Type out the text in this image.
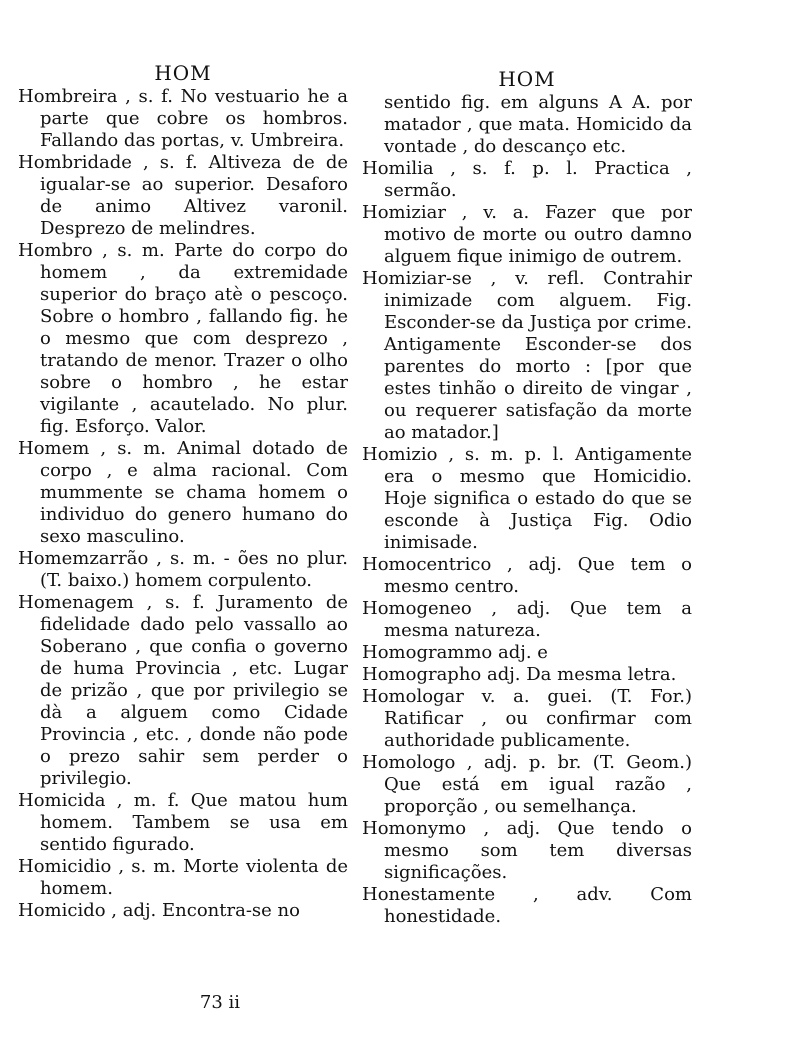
HOM

Hombreira , s. f. No vestuario he a parte que cobre os hombros. Fallando das portas, v. Umbreira.

Hombridade , s. f. Altiveza de de igualar-se ao superior. Desaforo de animo Altivez varonil. Desprezo de melindres.

Hombro , s. m. Parte do corpo do homem , da extremidade superior do braço atè o pescoço. Sobre o hombro , fallando fig. he o mesmo que com desprezo , tratando de menor. Trazer o olho sobre o hombro , he estar vigilante , acautelado. No plur. fig. Esforço. Valor.

Homem , s. m. Animal dotado de corpo , e alma racional. Com mummente se chama homem o individuo do genero humano do sexo masculino.

Homemzarrão , s. m. - ões no plur. (T. baixo.) homem corpulento.

Homenagem , s. f. Juramento de fidelidade dado pelo vassallo ao Soberano , que confia o governo de huma Provincia , etc. Lugar de prizão , que por privilegio se dà a alguem como Cidade Provincia , etc. , donde não pode o prezo sahir sem perder o privilegio.

Homicida , m. f. Que matou hum homem. Tambem se usa em sentido figurado.

Homicidio , s. m. Morte violenta de homem.

Homicido , adj. Encontra-se no

HOM

sentido fig. em alguns A A. por matador , que mata. Homicido da vontade , do descanço etc.

Homilia , s. f. p. l. Practica , sermão.

Homiziar , v. a. Fazer que por motivo de morte ou outro damno alguem fique inimigo de outrem.

Homiziar-se , v. refl. Contrahir inimizade com alguem. Fig. Esconder-se da Justiça por crime. Antigamente Esconder-se dos parentes do morto : [por que estes tinhão o direito de vingar , ou requerer satisfação da morte ao matador.]

Homizio , s. m. p. l. Antigamente era o mesmo que Homicidio. Hoje significa o estado do que se esconde à Justiça Fig. Odio inimisade.

Homocentrico , adj. Que tem o mesmo centro.

Homogeneo , adj. Que tem a mesma natureza.

Homogrammo adj. e

Homographo adj. Da mesma letra.

Homologar v. a. guei. (T. For.) Ratificar , ou confirmar com authoridade publicamente.

Homologo , adj. p. br. (T. Geom.) Que está em igual razão , proporção , ou semelhança.

Homonymo , adj. Que tendo o mesmo som tem diversas significações.

Honestamente , adv. Com honestidade.

73 ii
